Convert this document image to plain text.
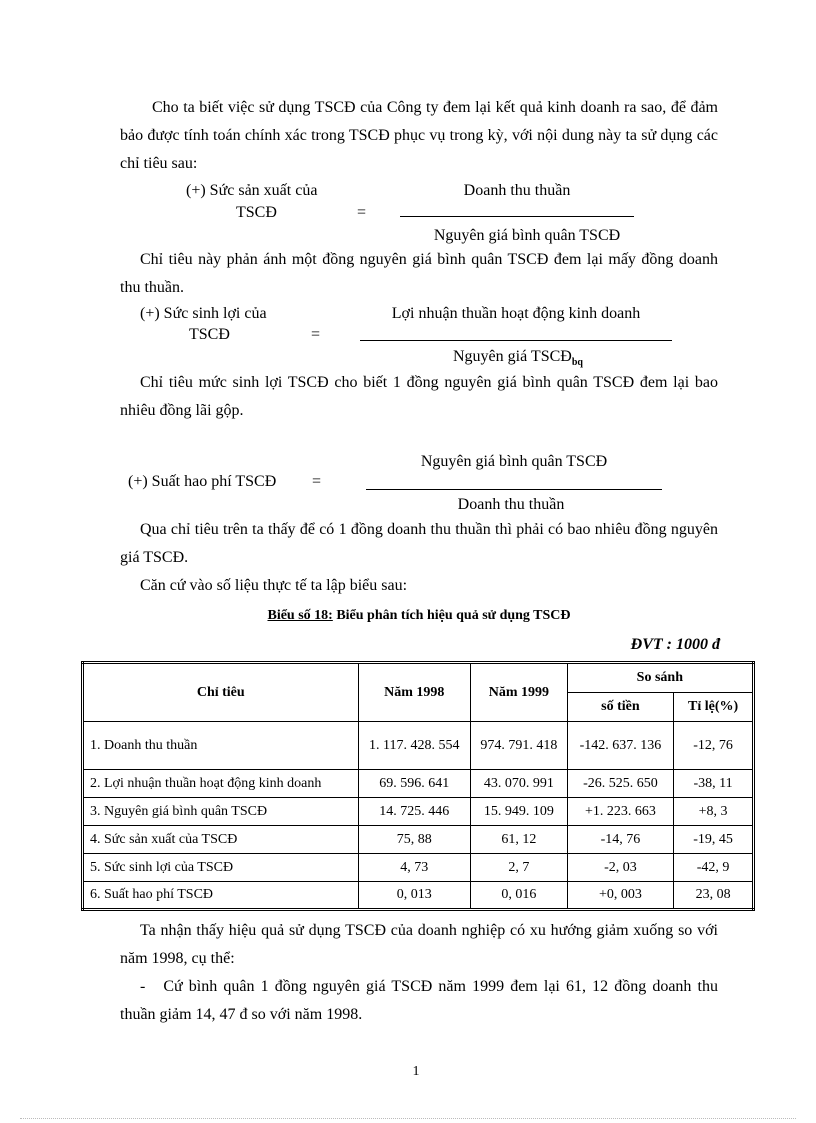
Cho ta biết việc sử dụng TSCĐ của Công ty đem lại kết quả kinh doanh ra sao, để đảm bảo được tính toán chính xác trong TSCĐ phục vụ trong kỳ, với nội dung này ta sử dụng các chỉ tiêu sau:
(+) Sức sản xuất của
TSCĐ	=
Doanh thu thuần
Nguyên giá bình quân TSCĐ
Chỉ tiêu này phản ánh một đồng nguyên giá bình quân TSCĐ đem lại mấy đồng doanh thu thuần.
(+) Sức sinh lợi của
TSCĐ	=
Lợi nhuận thuần hoạt động kinh doanh
Nguyên giá $TSCĐ_{bq}$
Chỉ tiêu mức sinh lợi TSCĐ cho biết 1 đồng nguyên giá bình quân TSCĐ đem lại bao nhiêu đồng lãi gộp.
(+) Suất hao phí TSCĐ =
Nguyên giá bình quân TSCĐ
Doanh thu thuần
Qua chỉ tiêu trên ta thấy để có 1 đồng doanh thu thuần thì phải có bao nhiêu đồng nguyên giá TSCĐ.
Căn cứ vào số liệu thực tế ta lập biểu sau:
Biểu số 18: Biểu phân tích hiệu quả sử dụng TSCĐ
ĐVT : 1000 đ
Chỉ tiêu	Năm 1998	Năm 1999	So sánh	
			số tiền	Tỉ lệ(%)
1. Doanh thu thuần	1. 117. 428. 554	974. 791. 418	-142. 637. 136	-12, 76
2. Lợi nhuận thuần hoạt động kinh doanh	69. 596. 641	43. 070. 991	-26. 525. 650	-38, 11
3. Nguyên giá bình quân TSCĐ	14. 725. 446	15. 949. 109	+1. 223. 663	+8, 3
4. Sức sản xuất của TSCĐ	75, 88	61, 12	-14, 76	-19, 45
5. Sức sinh lợi của TSCĐ	4, 73	2, 7	-2, 03	-42, 9
6. Suất hao phí TSCĐ	0, 013	0, 016	+0, 003	23, 08
Ta nhận thấy hiệu quả sử dụng TSCĐ của doanh nghiệp có xu hướng giảm xuống so với năm 1998, cụ thể:
- Cứ bình quân 1 đồng nguyên giá TSCĐ năm 1999 đem lại 61, 12 đồng doanh thu thuần giảm 14, 47 đ so với năm 1998.
1
